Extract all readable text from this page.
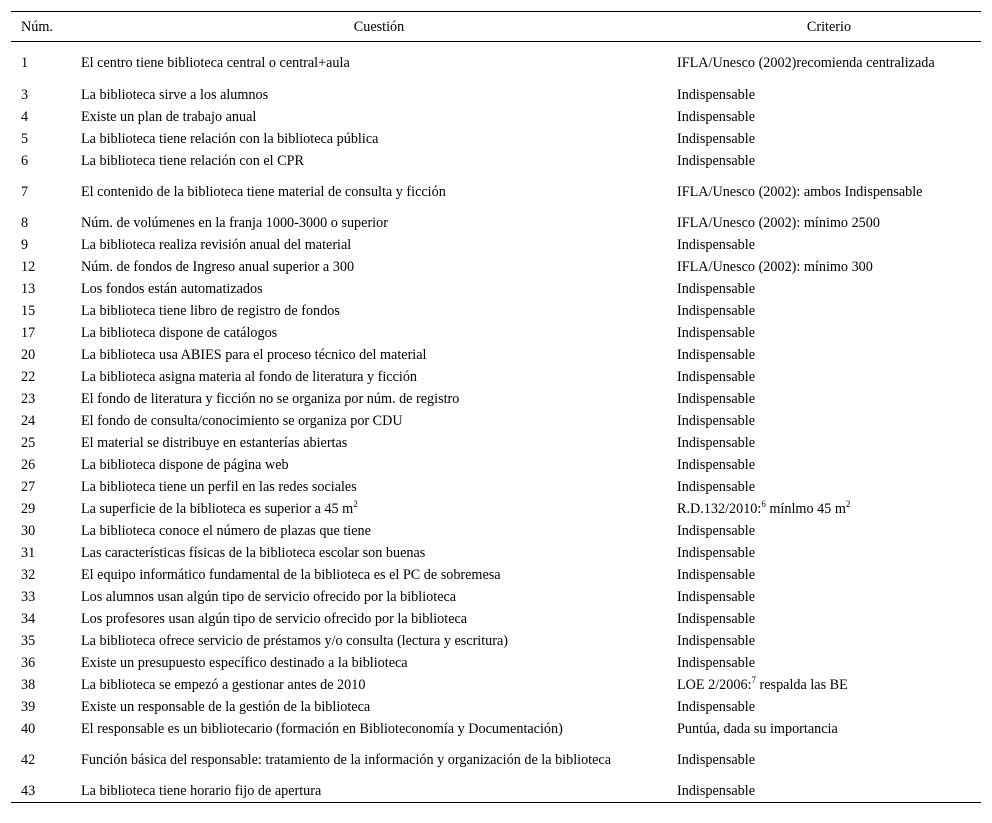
Núm.	Cuestión	Criterio
1	El centro tiene biblioteca central o central+aula	IFLA/Unesco (2002)recomienda centralizada
3	La biblioteca sirve a los alumnos	Indispensable
4	Existe un plan de trabajo anual	Indispensable
5	La biblioteca tiene relación con la biblioteca pública	Indispensable
6	La biblioteca tiene relación con el CPR	Indispensable
7	El contenido de la biblioteca tiene material de consulta y ficción	IFLA/Unesco (2002): ambos Indispensable
8	Núm. de volúmenes en la franja 1000-3000 o superior	IFLA/Unesco (2002): mínimo 2500
9	La biblioteca realiza revisión anual del material	Indispensable
12	Núm. de fondos de Ingreso anual superior a 300	IFLA/Unesco (2002): mínimo 300
13	Los fondos están automatizados	Indispensable
15	La biblioteca tiene libro de registro de fondos	Indispensable
17	La biblioteca dispone de catálogos	Indispensable
20	La biblioteca usa ABIES para el proceso técnico del material	Indispensable
22	La biblioteca asigna materia al fondo de literatura y ficción	Indispensable
23	El fondo de literatura y ficción no se organiza por núm. de registro	Indispensable
24	El fondo de consulta/conocimiento se organiza por CDU	Indispensable
25	El material se distribuye en estanterías abiertas	Indispensable
26	La biblioteca dispone de página web	Indispensable
27	La biblioteca tiene un perfil en las redes sociales	Indispensable
29	La superficie de la biblioteca es superior a 45 $m^2$	R.D.132/2010:$^6$ mínlmo 45 $m^2$
30	La biblioteca conoce el número de plazas que tiene	Indispensable
31	Las características físicas de la biblioteca escolar son buenas	Indispensable
32	El equipo informático fundamental de la biblioteca es el PC de sobremesa	Indispensable
33	Los alumnos usan algún tipo de servicio ofrecido por la biblioteca	Indispensable
34	Los profesores usan algún tipo de servicio ofrecido por la biblioteca	Indispensable
35	La biblioteca ofrece servicio de préstamos y/o consulta (lectura y escritura)	Indispensable
36	Existe un presupuesto específico destinado a la biblioteca	Indispensable
38	La biblioteca se empezó a gestionar antes de 2010	LOE 2/2006:$^7$ respalda las BE
39	Existe un responsable de la gestión de la biblioteca	Indispensable
40	El responsable es un bibliotecario (formación en Biblioteconomía y Documentación)	Puntúa, dada su importancia
42	Función básica del responsable: tratamiento de la información y organización de la biblioteca	Indispensable
43	La biblioteca tiene horario fijo de apertura	Indispensable
